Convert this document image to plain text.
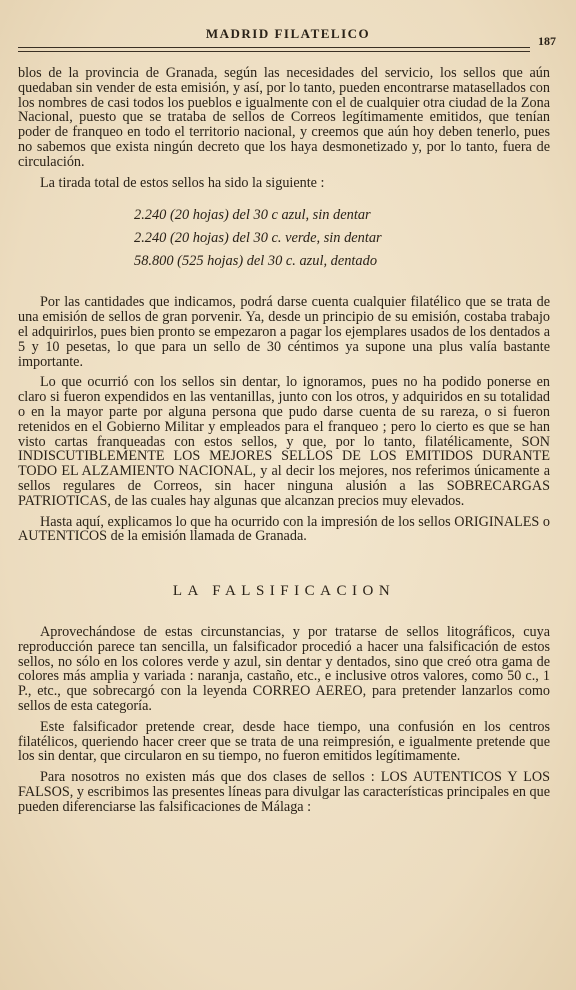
MADRID FILATELICO	187

blos de la provincia de Granada, según las necesidades del servicio, los sellos que aún quedaban sin vender de esta emisión, y así, por lo tanto, pueden encontrarse matasellados con los nombres de casi todos los pueblos e igualmente con el de cualquier otra ciudad de la Zona Nacional, puesto que se trataba de sellos de Correos legítimamente emitidos, que tenían poder de franqueo en todo el territorio nacional, y creemos que aún hoy deben tenerlo, pues no sabemos que exista ningún decreto que los haya desmonetizado y, por lo tanto, fuera de circulación.

La tirada total de estos sellos ha sido la siguiente :

2.240 (20 hojas) del 30 c azul, sin dentar
2.240 (20 hojas) del 30 c. verde, sin dentar
58.800 (525 hojas) del 30 c. azul, dentado

Por las cantidades que indicamos, podrá darse cuenta cualquier filatélico que se trata de una emisión de sellos de gran porvenir. Ya, desde un principio de su emisión, costaba trabajo el adquirirlos, pues bien pronto se empezaron a pagar los ejemplares usados de los dentados a 5 y 10 pesetas, lo que para un sello de 30 céntimos ya supone una plus valía bastante importante.

Lo que ocurrió con los sellos sin dentar, lo ignoramos, pues no ha podido ponerse en claro si fueron expendidos en las ventanillas, junto con los otros, y adquiridos en su totalidad o en la mayor parte por alguna persona que pudo darse cuenta de su rareza, o si fueron retenidos en el Gobierno Militar y empleados para el franqueo ; pero lo cierto es que se han visto cartas franqueadas con estos sellos, y que, por lo tanto, filatélicamente, SON INDISCUTIBLEMENTE LOS MEJORES SELLOS DE LOS EMITIDOS DURANTE TODO EL ALZAMIENTO NACIONAL, y al decir los mejores, nos referimos únicamente a sellos regulares de Correos, sin hacer ninguna alusión a las SOBRECARGAS PATRIOTICAS, de las cuales hay algunas que alcanzan precios muy elevados.

Hasta aquí, explicamos lo que ha ocurrido con la impresión de los sellos ORIGINALES o AUTENTICOS de la emisión llamada de Granada.

LA FALSIFICACION

Aprovechándose de estas circunstancias, y por tratarse de sellos litográficos, cuya reproducción parece tan sencilla, un falsificador procedió a hacer una falsificación de estos sellos, no sólo en los colores verde y azul, sin dentar y dentados, sino que creó otra gama de colores más amplia y variada : naranja, castaño, etc., e inclusive otros valores, como 50 c., 1 P., etc., que sobrecargó con la leyenda CORREO AEREO, para pretender lanzarlos como sellos de esta categoría.

Este falsificador pretende crear, desde hace tiempo, una confusión en los centros filatélicos, queriendo hacer creer que se trata de una reimpresión, e igualmente pretende que los sin dentar, que circularon en su tiempo, no fueron emitidos legítimamente.

Para nosotros no existen más que dos clases de sellos : LOS AUTENTICOS Y LOS FALSOS, y escribimos las presentes líneas para divulgar las características principales en que pueden diferenciarse las falsificaciones de Málaga :
